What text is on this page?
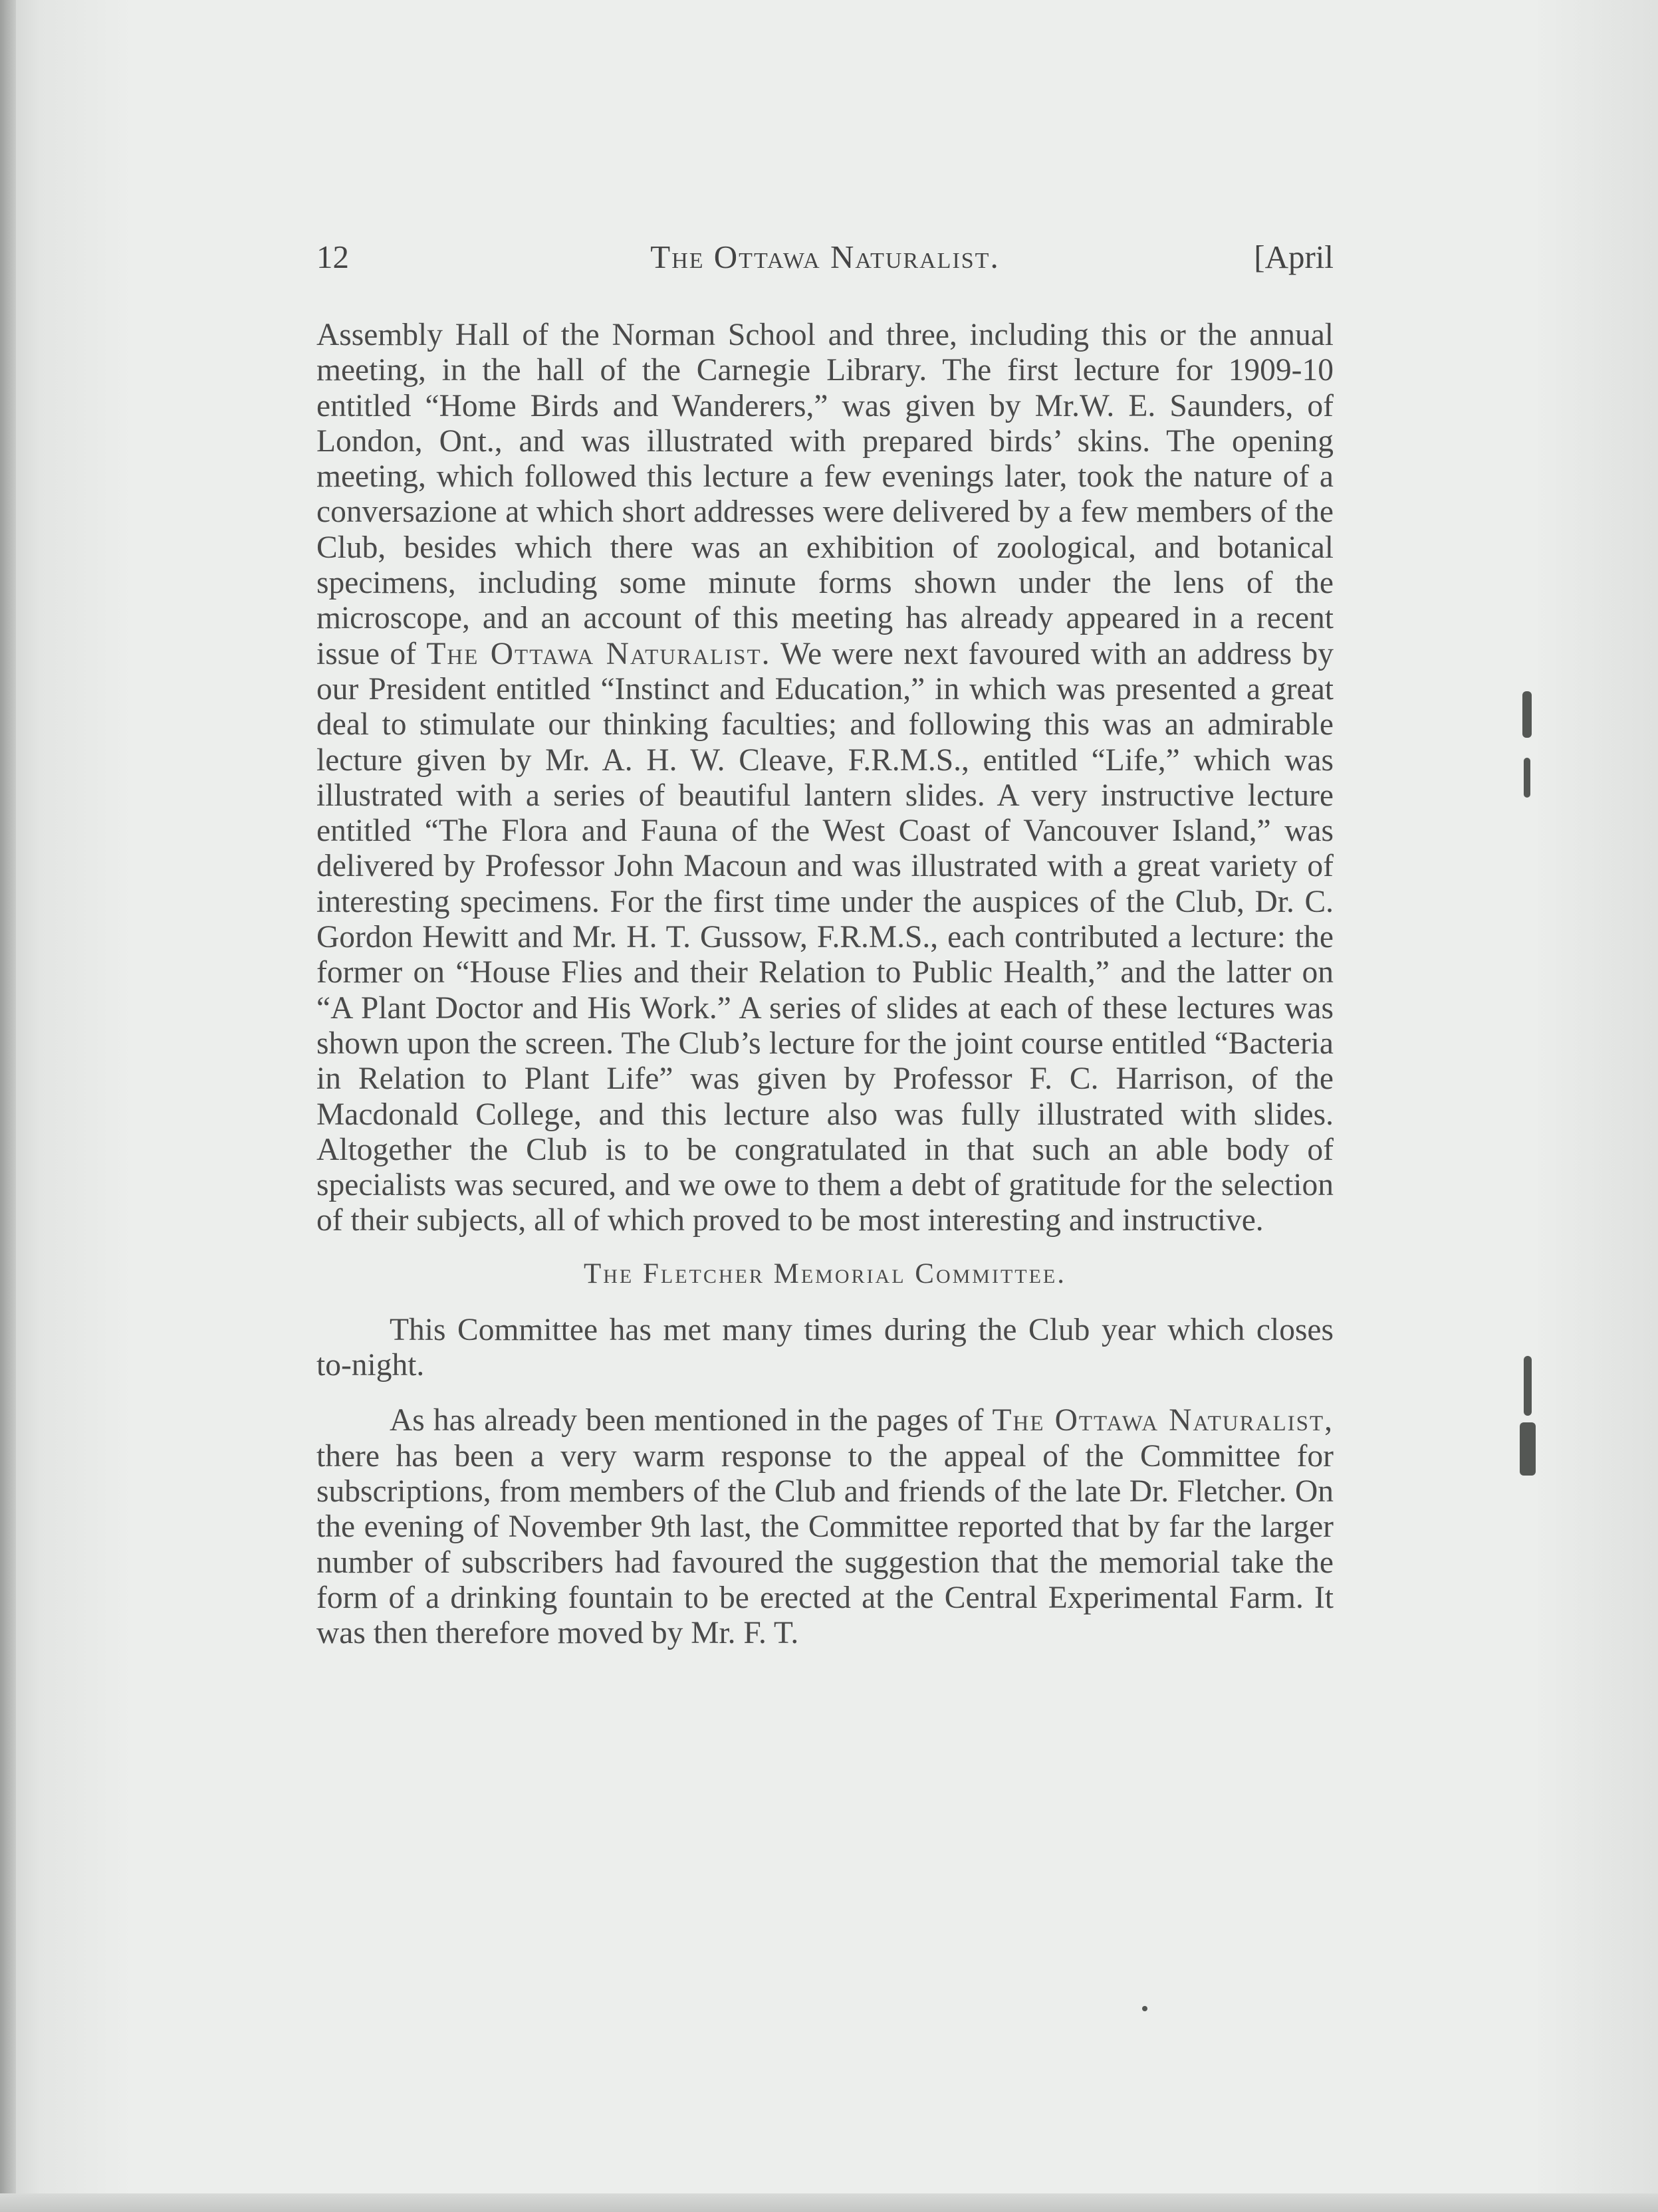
12	The Ottawa Naturalist.	[April

Assembly Hall of the Norman School and three, including this or the annual meeting, in the hall of the Carnegie Library. The first lecture for 1909-10 entitled “Home Birds and Wanderers,” was given by Mr.W. E. Saunders, of London, Ont., and was illustrated with prepared birds’ skins. The opening meeting, which followed this lecture a few evenings later, took the nature of a conversazione at which short addresses were delivered by a few members of the Club, besides which there was an exhibition of zoological, and botanical specimens, including some minute forms shown under the lens of the microscope, and an account of this meeting has already appeared in a recent issue of The Ottawa Naturalist. We were next favoured with an address by our President entitled “Instinct and Education,” in which was presented a great deal to stimulate our thinking faculties; and following this was an admirable lecture given by Mr. A. H. W. Cleave, F.R.M.S., entitled “Life,” which was illustrated with a series of beautiful lantern slides. A very instructive lecture entitled “The Flora and Fauna of the West Coast of Vancouver Island,” was delivered by Professor John Macoun and was illustrated with a great variety of interesting specimens. For the first time under the auspices of the Club, Dr. C. Gordon Hewitt and Mr. H. T. Gussow, F.R.M.S., each contributed a lecture: the former on “House Flies and their Relation to Public Health,” and the latter on “A Plant Doctor and His Work.” A series of slides at each of these lectures was shown upon the screen. The Club’s lecture for the joint course entitled “Bacteria in Relation to Plant Life” was given by Professor F. C. Harrison, of the Macdonald College, and this lecture also was fully illustrated with slides. Altogether the Club is to be congratulated in that such an able body of specialists was secured, and we owe to them a debt of gratitude for the selection of their subjects, all of which proved to be most interesting and instructive.

The Fletcher Memorial Committee.

This Committee has met many times during the Club year which closes to-night.

As has already been mentioned in the pages of The Ottawa Naturalist, there has been a very warm response to the appeal of the Committee for subscriptions, from members of the Club and friends of the late Dr. Fletcher. On the evening of November 9th last, the Committee reported that by far the larger number of subscribers had favoured the suggestion that the memorial take the form of a drinking fountain to be erected at the Central Experimental Farm. It was then therefore moved by Mr. F. T.
